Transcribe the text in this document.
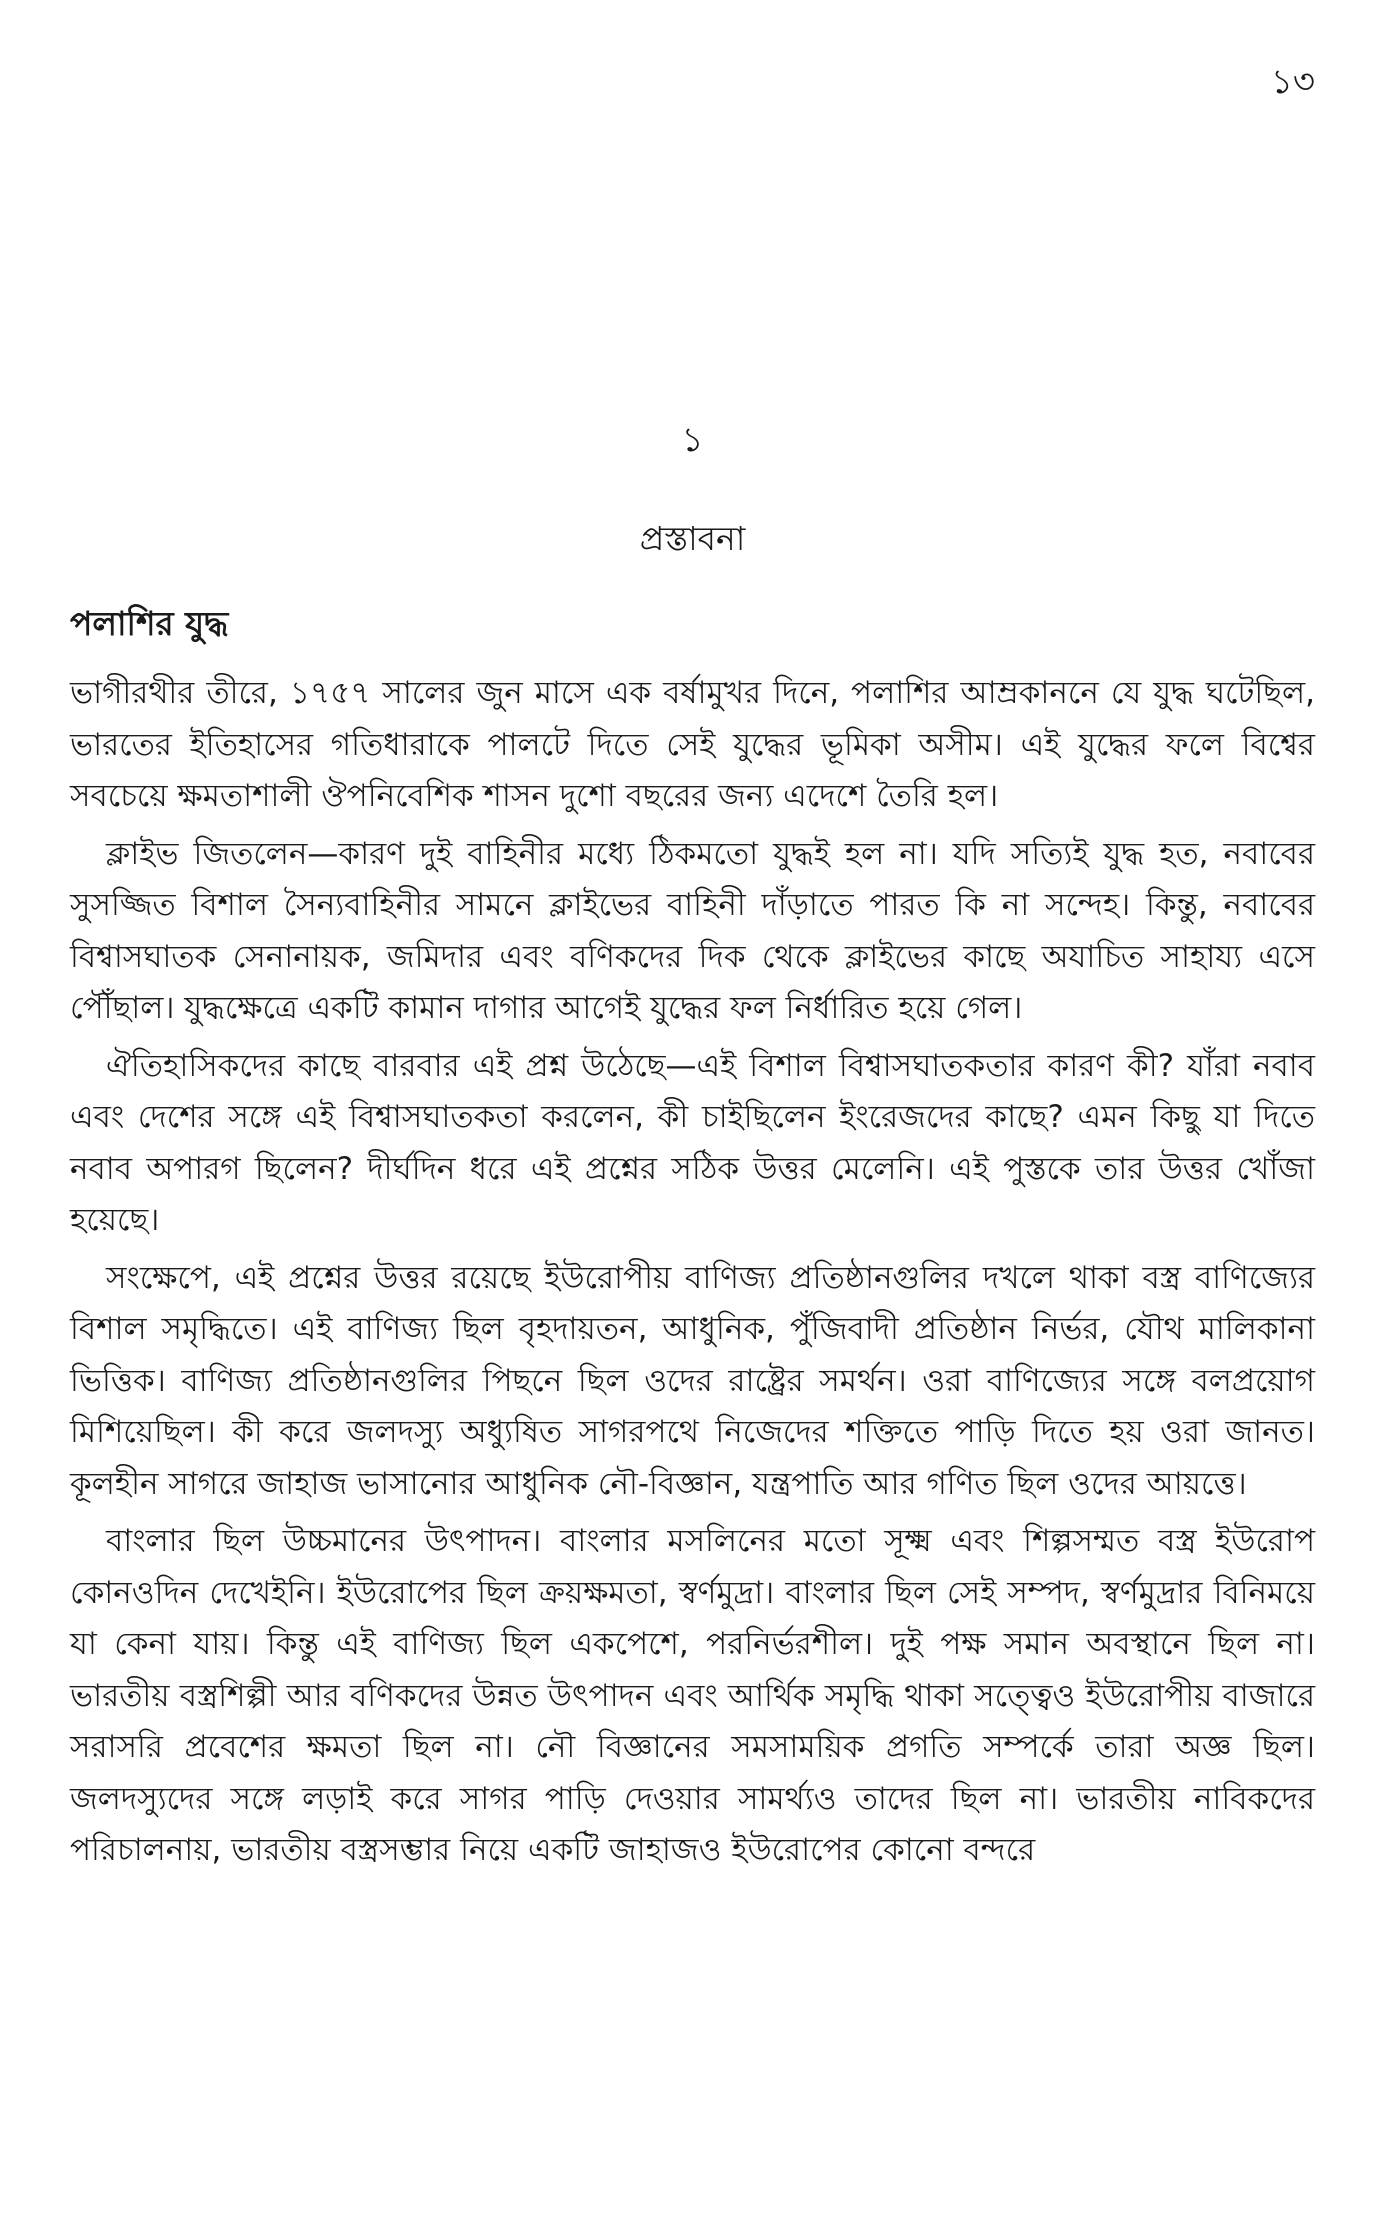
১৩
১
প্রস্তাবনা
পলাশির যুদ্ধ

ভাগীরথীর তীরে, ১৭৫৭ সালের জুন মাসে এক বর্ষামুখর দিনে, পলাশির আম্রকাননে যে যুদ্ধ ঘটেছিল, ভারতের ইতিহাসের গতিধারাকে পালটে দিতে সেই যুদ্ধের ভূমিকা অসীম। এই যুদ্ধের ফলে বিশ্বের সবচেয়ে ক্ষমতাশালী ঔপনিবেশিক শাসন দুশো বছরের জন্য এদেশে তৈরি হল।

ক্লাইভ জিতলেন—কারণ দুই বাহিনীর মধ্যে ঠিকমতো যুদ্ধই হল না। যদি সত্যিই যুদ্ধ হত, নবাবের সুসজ্জিত বিশাল সৈন্যবাহিনীর সামনে ক্লাইভের বাহিনী দাঁড়াতে পারত কি না সন্দেহ। কিন্তু, নবাবের বিশ্বাসঘাতক সেনানায়ক, জমিদার এবং বণিকদের দিক থেকে ক্লাইভের কাছে অযাচিত সাহায্য এসে পৌঁছাল। যুদ্ধক্ষেত্রে একটি কামান দাগার আগেই যুদ্ধের ফল নির্ধারিত হয়ে গেল।

ঐতিহাসিকদের কাছে বারবার এই প্রশ্ন উঠেছে—এই বিশাল বিশ্বাসঘাতকতার কারণ কী? যাঁরা নবাব এবং দেশের সঙ্গে এই বিশ্বাসঘাতকতা করলেন, কী চাইছিলেন ইংরেজদের কাছে? এমন কিছু যা দিতে নবাব অপারগ ছিলেন? দীর্ঘদিন ধরে এই প্রশ্নের সঠিক উত্তর মেলেনি। এই পুস্তকে তার উত্তর খোঁজা হয়েছে।

সংক্ষেপে, এই প্রশ্নের উত্তর রয়েছে ইউরোপীয় বাণিজ্য প্রতিষ্ঠানগুলির দখলে থাকা বস্ত্র বাণিজ্যের বিশাল সমৃদ্ধিতে। এই বাণিজ্য ছিল বৃহদায়তন, আধুনিক, পুঁজিবাদী প্রতিষ্ঠান নির্ভর, যৌথ মালিকানা ভিত্তিক। বাণিজ্য প্রতিষ্ঠানগুলির পিছনে ছিল ওদের রাষ্ট্রের সমর্থন। ওরা বাণিজ্যের সঙ্গে বলপ্রয়োগ মিশিয়েছিল। কী করে জলদস্যু অধ্যুষিত সাগরপথে নিজেদের শক্তিতে পাড়ি দিতে হয় ওরা জানত। কূলহীন সাগরে জাহাজ ভাসানোর আধুনিক নৌ-বিজ্ঞান, যন্ত্রপাতি আর গণিত ছিল ওদের আয়ত্তে।

বাংলার ছিল উচ্চমানের উৎপাদন। বাংলার মসলিনের মতো সূক্ষ্ম এবং শিল্পসম্মত বস্ত্র ইউরোপ কোনওদিন দেখেইনি। ইউরোপের ছিল ক্রয়ক্ষমতা, স্বর্ণমুদ্রা। বাংলার ছিল সেই সম্পদ, স্বর্ণমুদ্রার বিনিময়ে যা কেনা যায়। কিন্তু এই বাণিজ্য ছিল একপেশে, পরনির্ভরশীল। দুই পক্ষ সমান অবস্থানে ছিল না। ভারতীয় বস্ত্রশিল্পী আর বণিকদের উন্নত উৎপাদন এবং আর্থিক সমৃদ্ধি থাকা সত্ত্বেও ইউরোপীয় বাজারে সরাসরি প্রবেশের ক্ষমতা ছিল না। নৌ বিজ্ঞানের সমসাময়িক প্রগতি সম্পর্কে তারা অজ্ঞ ছিল। জলদস্যুদের সঙ্গে লড়াই করে সাগর পাড়ি দেওয়ার সামর্থ্যও তাদের ছিল না। ভারতীয় নাবিকদের পরিচালনায়, ভারতীয় বস্ত্রসম্ভার নিয়ে একটি জাহাজও ইউরোপের কোনো বন্দরে
